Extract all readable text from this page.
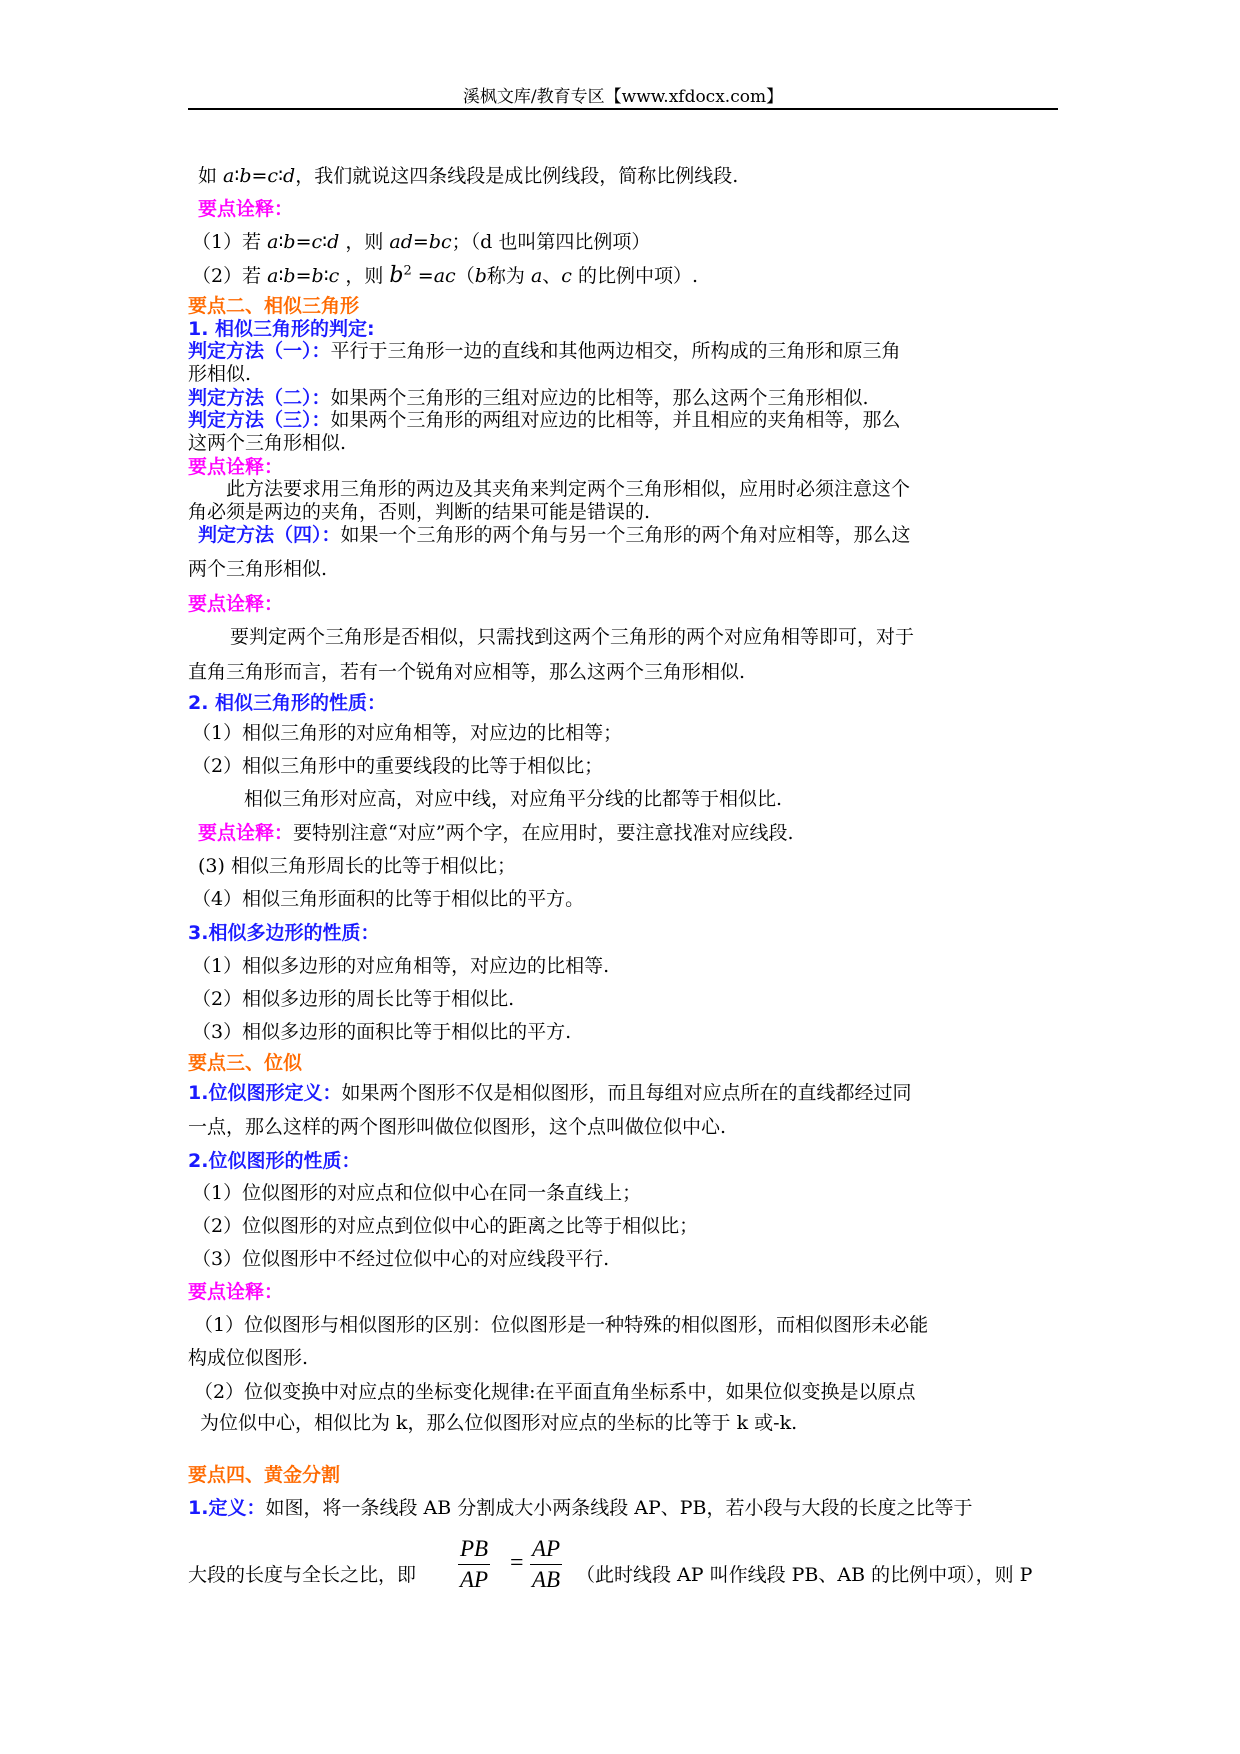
溪枫文库/教育专区【www.xfdocx.com】
如 a∶b=c∶d，我们就说这四条线段是成比例线段，简称比例线段.
要点诠释：
（1）若 a∶b=c∶d ，则 ad=bc；（d 也叫第四比例项）
（2）若 a∶b=b∶c ，则 $b^2 =ac(b$称为 a、c 的比例中项）.
要点二、相似三角形
1. 相似三角形的判定:
判定方法（一）：平行于三角形一边的直线和其他两边相交，所构成的三角形和原三角
形相似.
判定方法（二）：如果两个三角形的三组对应边的比相等，那么这两个三角形相似.
判定方法（三）：如果两个三角形的两组对应边的比相等，并且相应的夹角相等，那么
这两个三角形相似.
要点诠释：
此方法要求用三角形的两边及其夹角来判定两个三角形相似，应用时必须注意这个
角必须是两边的夹角，否则，判断的结果可能是错误的.
判定方法（四）：如果一个三角形的两个角与另一个三角形的两个角对应相等，那么这
两个三角形相似.
要点诠释：
要判定两个三角形是否相似，只需找到这两个三角形的两个对应角相等即可，对于
直角三角形而言，若有一个锐角对应相等，那么这两个三角形相似.
2. 相似三角形的性质：
（1）相似三角形的对应角相等，对应边的比相等；
（2）相似三角形中的重要线段的比等于相似比；
相似三角形对应高，对应中线，对应角平分线的比都等于相似比.
要点诠释：要特别注意“对应”两个字，在应用时，要注意找准对应线段.
(3) 相似三角形周长的比等于相似比；
（4）相似三角形面积的比等于相似比的平方。
3.相似多边形的性质：
（1）相似多边形的对应角相等，对应边的比相等.
（2）相似多边形的周长比等于相似比.
（3）相似多边形的面积比等于相似比的平方.
要点三、位似
1.位似图形定义：如果两个图形不仅是相似图形，而且每组对应点所在的直线都经过同
一点，那么这样的两个图形叫做位似图形，这个点叫做位似中心.
2.位似图形的性质：
（1）位似图形的对应点和位似中心在同一条直线上；
（2）位似图形的对应点到位似中心的距离之比等于相似比；
（3）位似图形中不经过位似中心的对应线段平行.
要点诠释：
（1）位似图形与相似图形的区别：位似图形是一种特殊的相似图形，而相似图形未必能
构成位似图形.
（2）位似变换中对应点的坐标变化规律:在平面直角坐标系中，如果位似变换是以原点
为位似中心，相似比为 k，那么位似图形对应点的坐标的比等于 k 或-k.
要点四、黄金分割
1.定义：如图，将一条线段 AB 分割成大小两条线段 AP、PB，若小段与大段的长度之比等于
大段的长度与全长之比，即 $\frac{PB}{AP} = \frac{AP}{AB}$ （此时线段 AP 叫作线段 PB、AB 的比例中项），则 P
